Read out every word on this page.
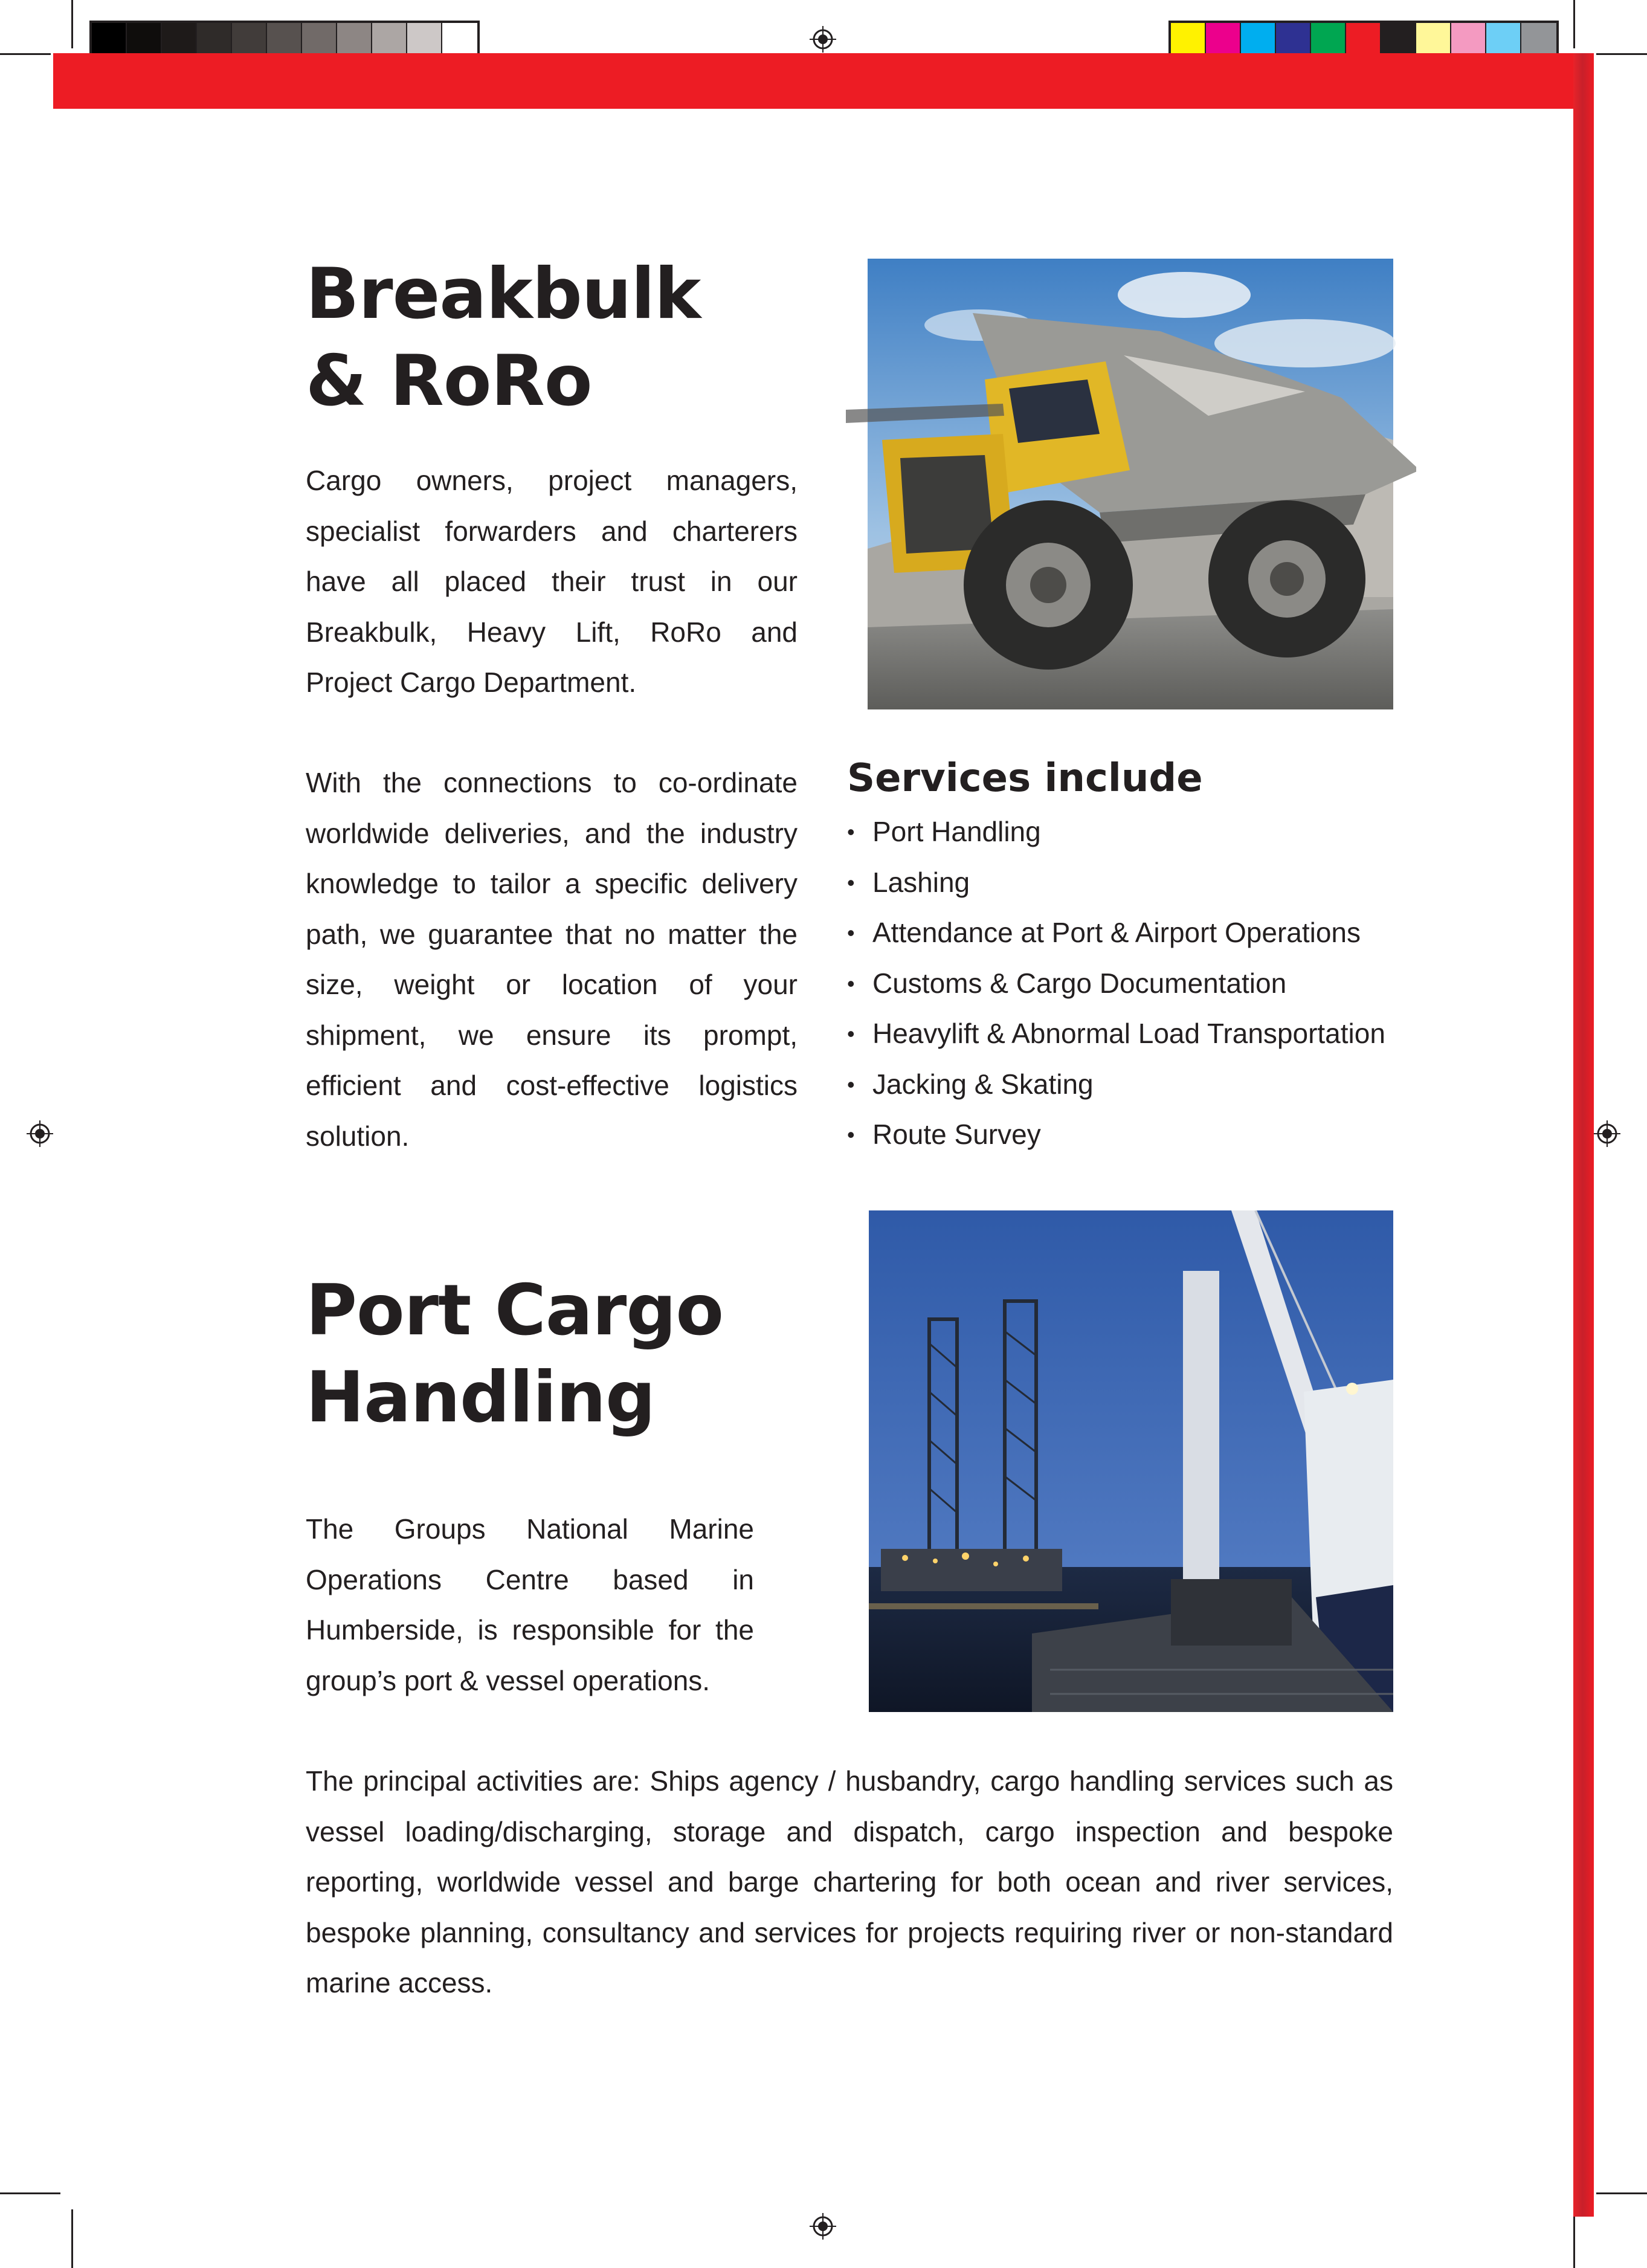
Breakbulk
& RoRo

Cargo owners, project managers, specialist forwarders and charterers have all placed their trust in our Breakbulk, Heavy Lift, RoRo and Project Cargo Department.

With the connections to co-ordinate worldwide deliveries, and the industry knowledge to tailor a specific delivery path, we guarantee that no matter the size, weight or location of your shipment, we ensure its prompt, efficient and cost-effective logistics solution.

Services include
• Port Handling
• Lashing
• Attendance at Port & Airport Operations
• Customs & Cargo Documentation
• Heavylift & Abnormal Load Transportation
• Jacking & Skating
• Route Survey
Port Cargo
Handling

The Groups National Marine Operations Centre based in Humberside, is responsible for the group’s port & vessel operations.

The principal activities are: Ships agency / husbandry, cargo handling services such as vessel loading/discharging, storage and dispatch, cargo inspection and bespoke reporting, worldwide vessel and barge chartering for both ocean and river services, bespoke planning, consultancy and services for projects requiring river or non-standard marine access.
